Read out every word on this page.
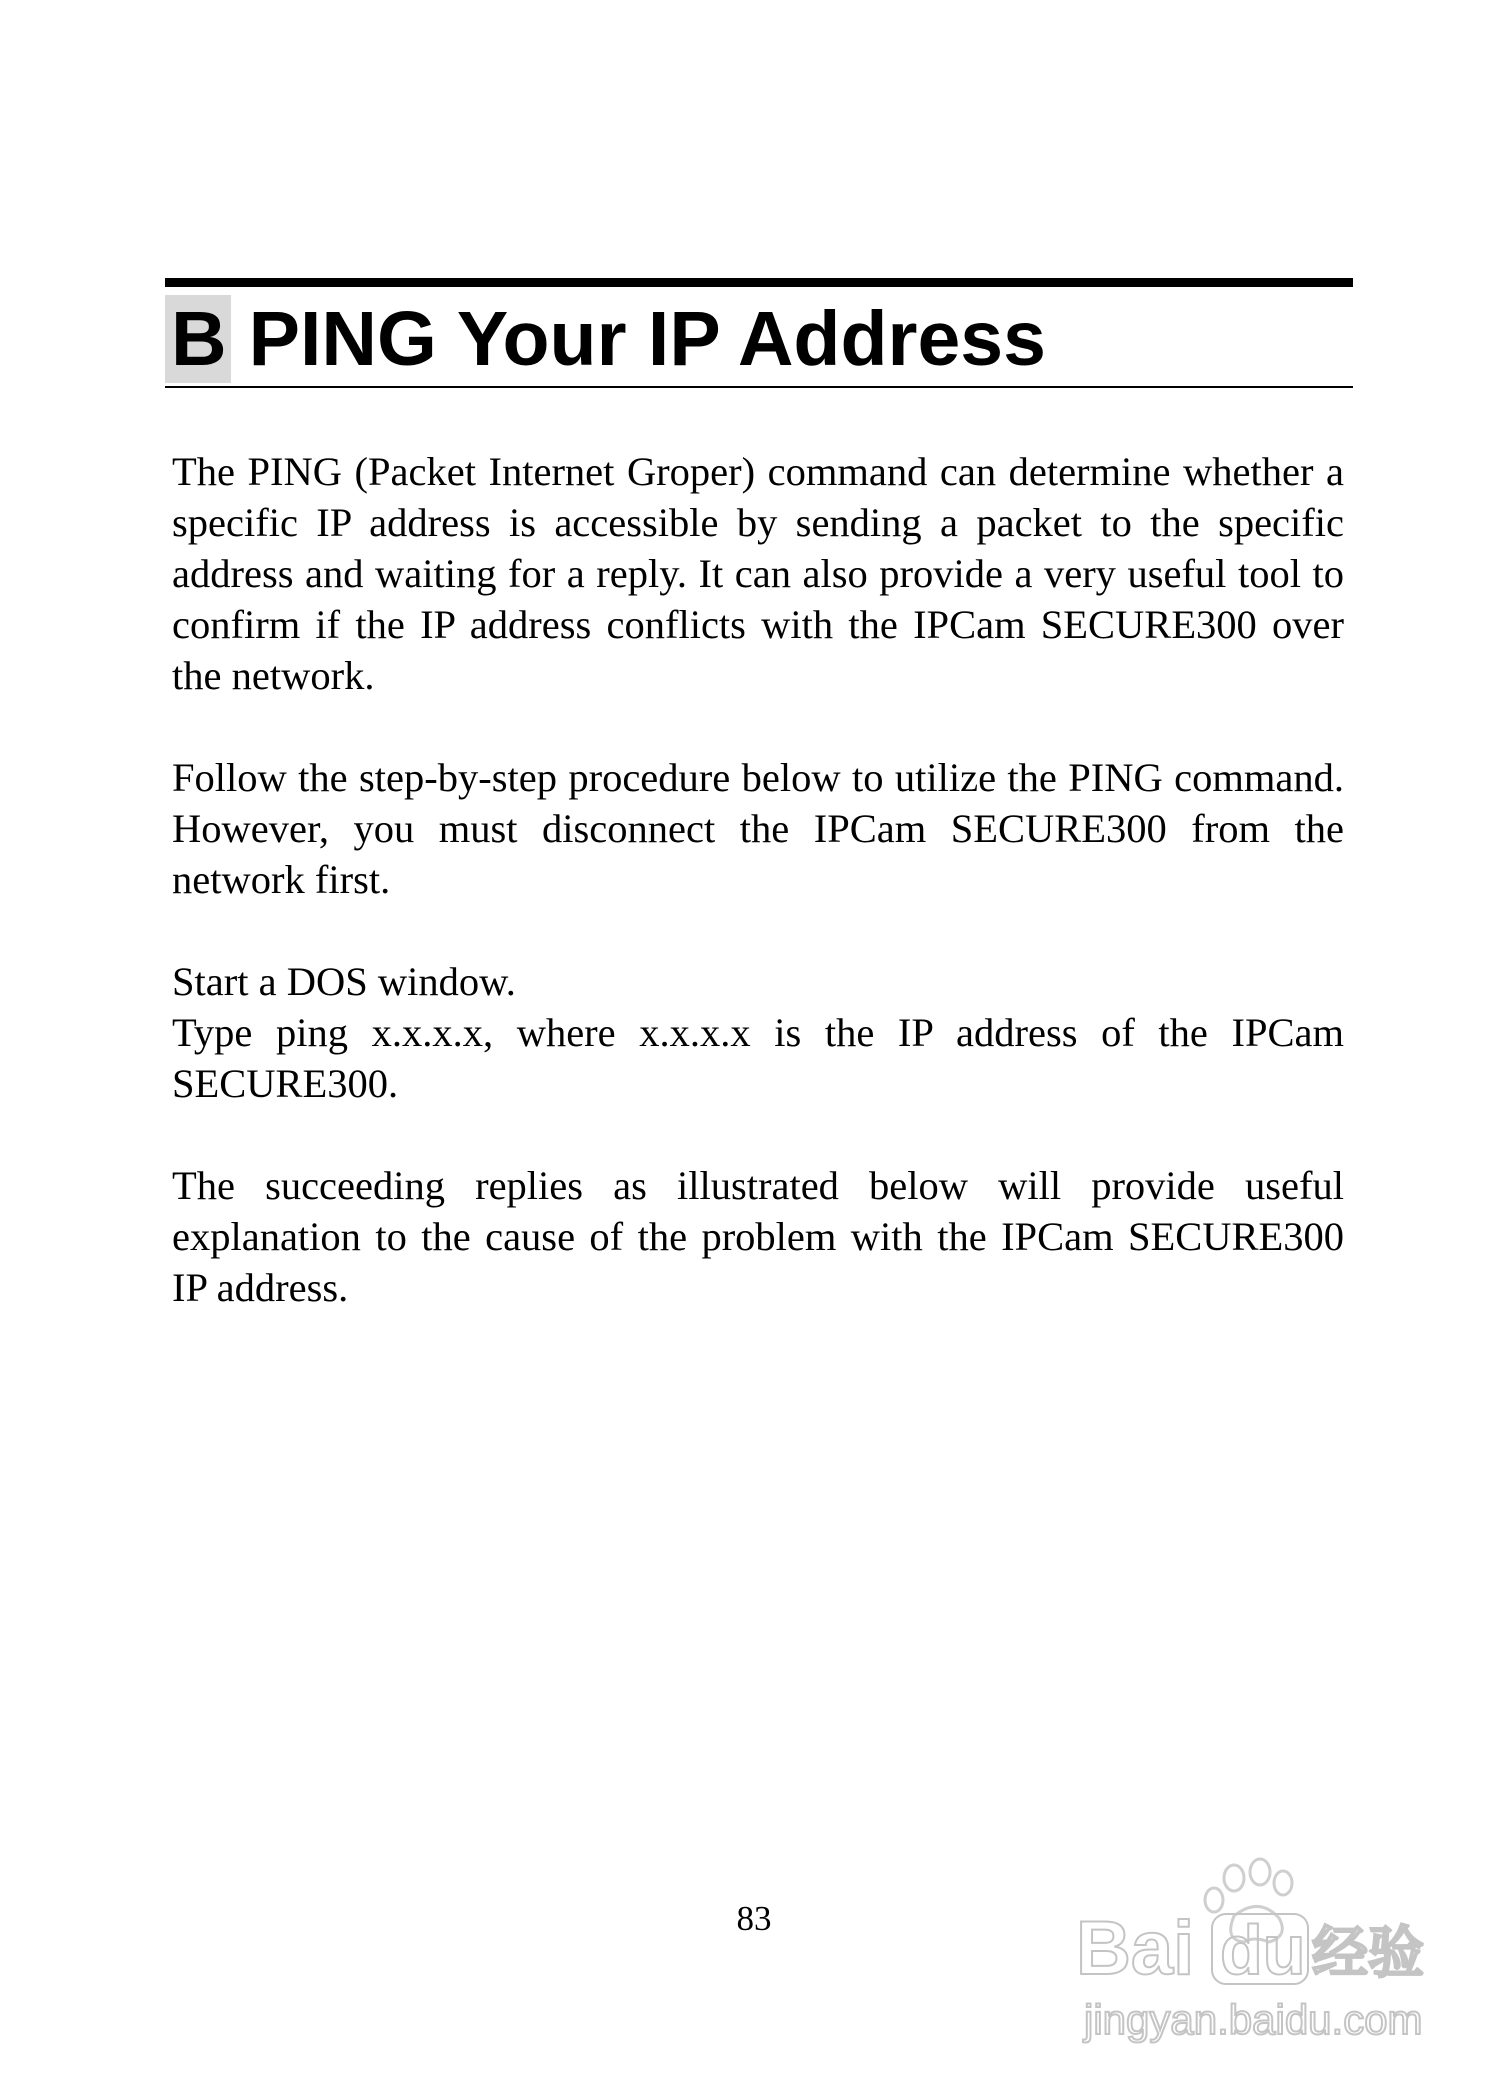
B PING Your IP Address

The PING (Packet Internet Groper) command can determine whether a specific IP address is accessible by sending a packet to the specific address and waiting for a reply. It can also provide a very useful tool to confirm if the IP address conflicts with the IPCam SECURE300 over the network.

Follow the step-by-step procedure below to utilize the PING command. However, you must disconnect the IPCam SECURE300 from the network first.

Start a DOS window.

Type ping x.x.x.x, where x.x.x.x is the IP address of the IPCam SECURE300.

The succeeding replies as illustrated below will provide useful explanation to the cause of the problem with the IPCam SECURE300 IP address.

83	Bai du 经验
jingyan.baidu.com
